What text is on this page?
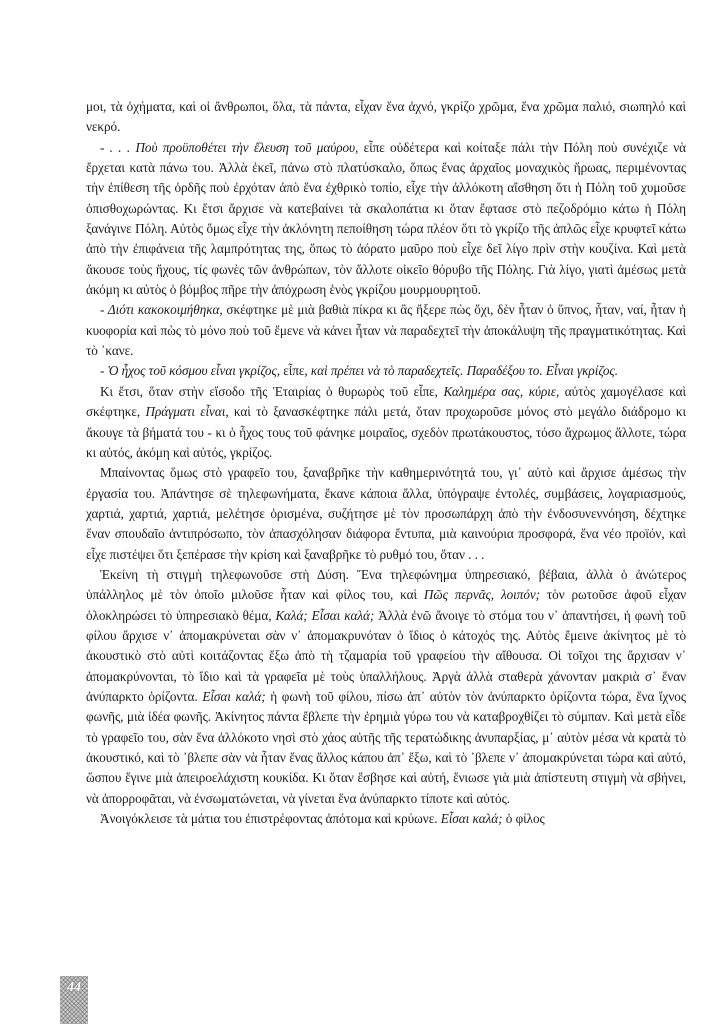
μοι, τὰ ὀχήματα, καὶ οἱ ἄνθρωποι, ὅλα, τὰ πάντα, εἶχαν ἕνα ἀχνό, γκρίζο χρῶμα, ἕνα χρῶμα παλιό, σιωπηλό καὶ νεκρό.

- . . . Ποὺ προϋποθέτει τὴν ἔλευση τοῦ μαύρου, εἶπε οὐδέτερα καὶ κοίταξε πάλι τὴν Πόλη ποὺ συνέχιζε νὰ ἔρχεται κατὰ πάνω του. Ἀλλὰ ἐκεῖ, πάνω στὸ πλατύσκαλο, ὅπως ἕνας ἀρχαῖος μοναχικὸς ἥρωας, περιμένοντας τὴν ἐπίθεση τῆς ὀρδῆς ποὺ ἐρχόταν ἀπὸ ἕνα ἐχθρικὸ τοπίο, εἶχε τὴν ἀλλόκοτη αἴσθηση ὅτι ἡ Πόλη τοῦ χυμοῦσε ὀπισθοχωρώντας. Κι ἔτσι ἄρχισε νὰ κατεβαίνει τὰ σκαλοπάτια κι ὅταν ἔφτασε στὸ πεζοδρόμιο κάτω ἡ Πόλη ξανάγινε Πόλη. Αὐτὸς ὅμως εἶχε τὴν ἀκλόνητη πεποίθηση τώρα πλέον ὅτι τὸ γκρίζο τῆς ἁπλῶς εἶχε κρυφτεῖ κάτω ἀπὸ τὴν ἐπιφάνεια τῆς λαμπρότητας της, ὅπως τὸ ἀόρατο μαῦρο ποὺ εἶχε δεῖ λίγο πρὶν στὴν κουζίνα. Καὶ μετὰ ἄκουσε τοὺς ἤχους, τίς φωνὲς τῶν ἀνθρώπων, τὸν ἄλλοτε οἰκεῖο θόρυβο τῆς Πόλης. Γιὰ λίγο, γιατὶ ἀμέσως μετὰ ἀκόμη κι αὐτὸς ὁ βόμβος πῆρε τὴν ἀπόχρωση ἑνὸς γκρίζου μουρμουρητοῦ.

- Διότι κακοκοιμήθηκα, σκέφτηκε μὲ μιὰ βαθιὰ πίκρα κι ἂς ἤξερε πὼς ὄχι, δὲν ἦταν ὁ ὕπνος, ἦταν, ναί, ἦταν ἡ κυοφορία καὶ πὼς τὸ μόνο ποὺ τοῦ ἔμενε νὰ κάνει ἦταν νὰ παραδεχτεῖ τὴν ἀποκάλυψη τῆς πραγματικότητας. Καὶ τὸ ᾽κανε.

- Ὁ ἦχος τοῦ κόσμου εἶναι γκρίζος, εἶπε, καὶ πρέπει νὰ τὸ παραδεχτεῖς. Παραδέξου το. Εἶναι γκρίζος.

Κι ἔτσι, ὅταν στὴν εἴσοδο τῆς Ἑταιρίας ὁ θυρωρὸς τοῦ εἶπε, Καλημέρα σας, κύριε, αὐτὸς χαμογέλασε καὶ σκέφτηκε, Πράγματι εἶναι, καὶ τὸ ξανασκέφτηκε πάλι μετά, ὅταν προχωροῦσε μόνος στὸ μεγάλο διάδρομο κι ἄκουγε τὰ βήματά του - κι ὁ ἦχος τους τοῦ φάνηκε μοιραῖος, σχεδὸν πρωτάκουστος, τόσο ἄχρωμος ἄλλοτε, τώρα κι αὐτός, ἀκόμη καὶ αὐτός, γκρίζος.

Μπαίνοντας ὅμως στὸ γραφεῖο του, ξαναβρῆκε τὴν καθημερινότητά του, γι᾽ αὐτὸ καὶ ἄρχισε ἀμέσως τὴν ἐργασία του. Ἀπάντησε σὲ τηλεφωνήματα, ἔκανε κάποια ἄλλα, ὑπόγραψε ἐντολές, συμβάσεις, λογαριασμούς, χαρτιά, χαρτιά, χαρτιά, μελέτησε ὁρισμένα, συζήτησε μὲ τὸν προσωπάρχη ἀπὸ τὴν ἐνδοσυνεννόηση, δέχτηκε ἕναν σπουδαῖο ἀντιπρόσωπο, τὸν ἀπασχόλησαν διάφορα ἔντυπα, μιὰ καινούρια προσφορά, ἕνα νέο προϊόν, καὶ εἶχε πιστέψει ὅτι ξεπέρασε τὴν κρίση καὶ ξαναβρῆκε τὸ ρυθμό του, ὅταν . . .

Ἐκείνη τὴ στιγμὴ τηλεφωνοῦσε στὴ Δύση. Ἕνα τηλεφώνημα ὑπηρεσιακό, βέβαια, ἀλλὰ ὁ ἀνώτερος ὑπάλληλος μὲ τὸν ὁποῖο μιλοῦσε ἦταν καὶ φίλος του, καὶ Πῶς περνᾶς, λοιπόν; τὸν ρωτοῦσε ἀφοῦ εἶχαν ὁλοκληρώσει τὸ ὑπηρεσιακὸ θέμα, Καλά; Εἶσαι καλά; Ἀλλὰ ἐνῶ ἄνοιγε τὸ στόμα του ν᾽ ἀπαντήσει, ἡ φωνὴ τοῦ φίλου ἄρχισε ν᾽ ἀπομακρύνεται σὰν ν᾽ ἀπομακρυνόταν ὁ ἴδιος ὁ κάτοχός της. Αὐτὸς ἔμεινε ἀκίνητος μὲ τὸ ἀκουστικὸ στὸ αὐτὶ κοιτάζοντας ἔξω ἀπὸ τὴ τζαμαρία τοῦ γραφείου τὴν αἴθουσα. Οἱ τοῖχοι της ἄρχισαν ν᾽ ἀπομακρύνονται, τὸ ἴδιο καὶ τὰ γραφεῖα μὲ τοὺς ὑπαλλήλους. Ἀργὰ ἀλλὰ σταθερὰ χάνονταν μακριὰ σ᾽ ἕναν ἀνύπαρκτο ὁρίζοντα. Εἶσαι καλά; ἡ φωνὴ τοῦ φίλου, πίσω ἀπ᾽ αὐτὸν τὸν ἀνύπαρκτο ὁρίζοντα τώρα, ἕνα ἴχνος φωνῆς, μιὰ ἰδέα φωνῆς. Ἀκίνητος πάντα ἔβλεπε τὴν ἐρημιὰ γύρω του νὰ καταβροχθίζει τὸ σύμπαν. Καὶ μετὰ εἶδε τὸ γραφεῖο του, σὰν ἕνα ἀλλόκοτο νησὶ στὸ χάος αὐτῆς τῆς τερατώδικης ἀνυπαρξίας, μ᾽ αὐτὸν μέσα νὰ κρατὰ τὸ ἀκουστικό, καὶ τὸ ᾽βλεπε σὰν νὰ ἦταν ἕνας ἄλλος κάπου ἀπ᾽ ἔξω, καὶ τὸ ᾽βλεπε ν᾽ ἀπομακρύνεται τώρα καὶ αὐτό, ὥσπου ἔγινε μιὰ ἀπειροελάχιστη κουκίδα. Κι ὅταν ἔσβησε καὶ αὐτή, ἔνιωσε γιὰ μιὰ ἀπίστευτη στιγμὴ νὰ σβήνει, νὰ ἀπορροφᾶται, νὰ ἐνσωματώνεται, νὰ γίνεται ἕνα ἀνύπαρκτο τίποτε καὶ αὐτός.

Ἀνοιγόκλεισε τὰ μάτια του ἐπιστρέφοντας ἀπότομα καὶ κρύωνε. Εἶσαι καλά; ὁ φίλος

44
